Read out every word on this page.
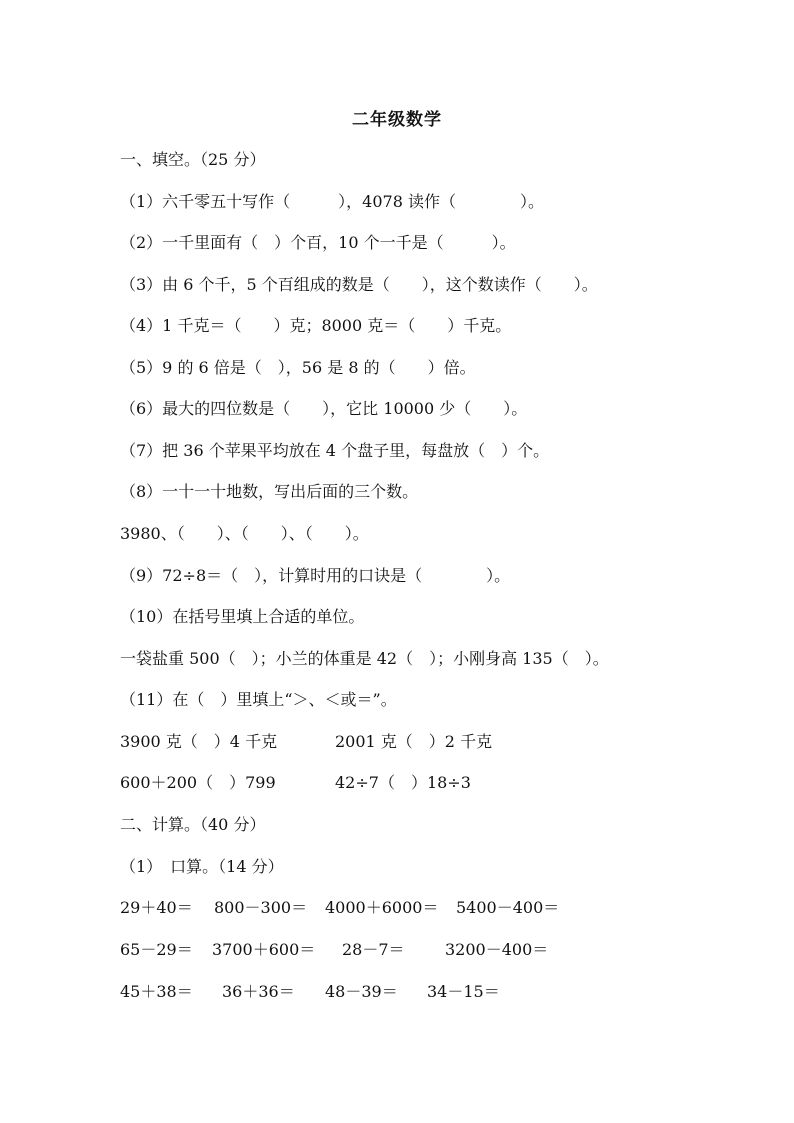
二年级数学
一、填空。（25 分）
（1）六千零五十写作（　　　），4078 读作（　　　　）。
（2）一千里面有（　）个百，10 个一千是（　　　）。
（3）由 6 个千，5 个百组成的数是（　　），这个数读作（　　）。
（4）1 千克＝（　　）克；8000 克＝（　　）千克。
（5）9 的 6 倍是（　），56 是 8 的（　　）倍。
（6）最大的四位数是（　　），它比 10000 少（　　）。
（7）把 36 个苹果平均放在 4 个盘子里，每盘放（　）个。
（8）一十一十地数，写出后面的三个数。
3980、（　　）、（　　）、（　　）。
（9）72÷8＝（　），计算时用的口诀是（　　　　）。
（10）在括号里填上合适的单位。
一袋盐重 500（　）；小兰的体重是 42（　）；小刚身高 135（　）。
（11）在（　）里填上“＞、＜或＝”。
3900 克（　）4 千克	2001 克（　）2 千克
600＋200（　）799	42÷7（　）18÷3
二、计算。（40 分）
（1）　口算。（14 分）
29＋40＝ 800－300＝ 4000＋6000＝ 5400－400＝
65－29＝ 3700＋600＝ 28－7＝	3200－400＝
45＋38＝ 36＋36＝ 48－39＝ 34－15＝
